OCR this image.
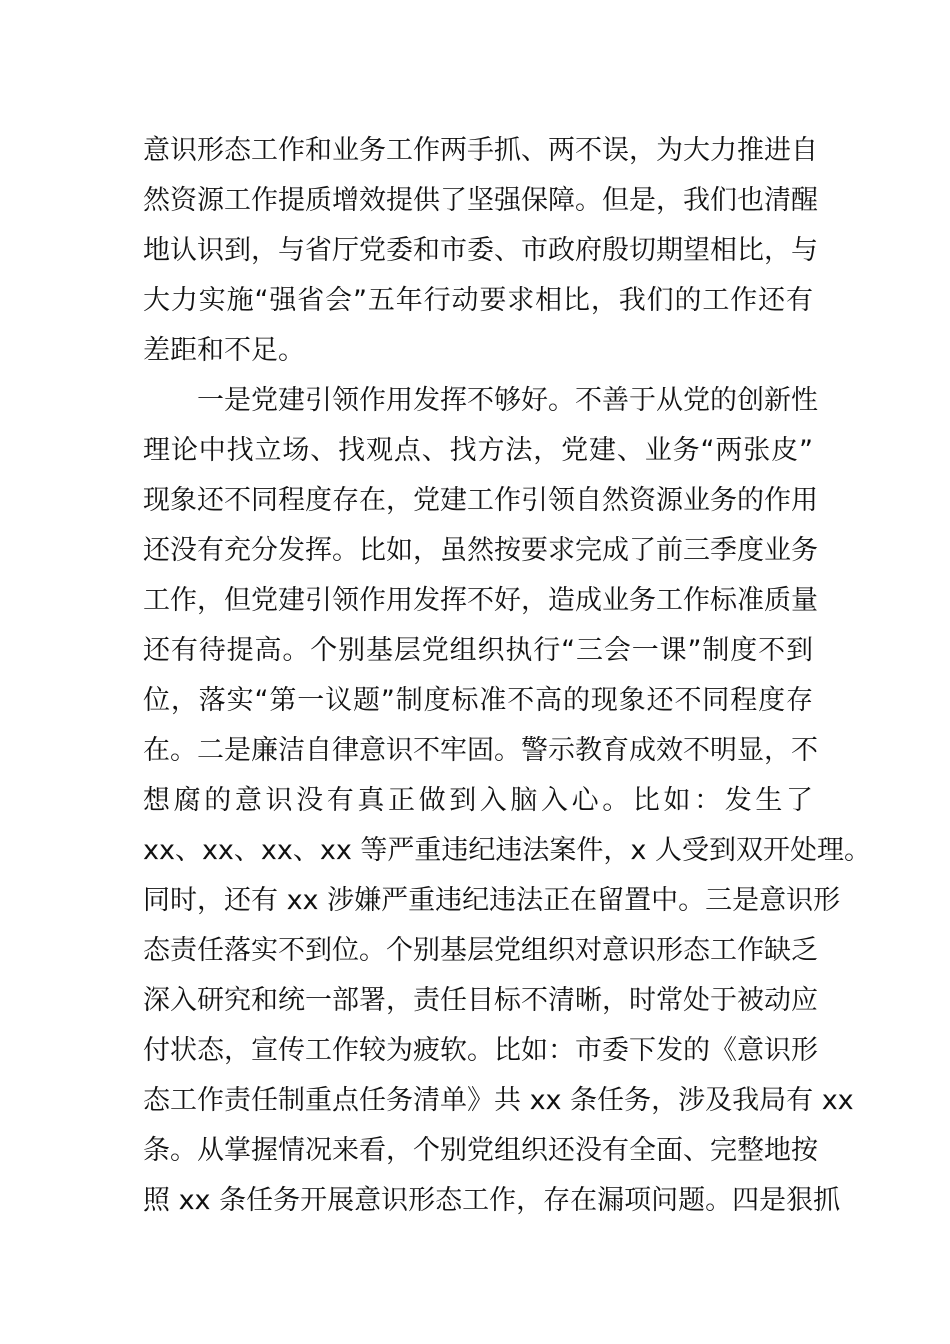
意识形态工作和业务工作两手抓、两不误，为大力推进自
然资源工作提质增效提供了坚强保障。但是，我们也清醒
地认识到，与省厅党委和市委、市政府殷切期望相比，与
大力实施“强省会”五年行动要求相比，我们的工作还有
差距和不足。
一是党建引领作用发挥不够好。不善于从党的创新性
理论中找立场、找观点、找方法，党建、业务“两张皮”
现象还不同程度存在，党建工作引领自然资源业务的作用
还没有充分发挥。比如，虽然按要求完成了前三季度业务
工作，但党建引领作用发挥不好，造成业务工作标准质量
还有待提高。个别基层党组织执行“三会一课”制度不到
位，落实“第一议题”制度标准不高的现象还不同程度存
在。二是廉洁自律意识不牢固。警示教育成效不明显，不
想腐的意识没有真正做到入脑入心。比如：发生了
xx、xx、xx、xx 等严重违纪违法案件，x 人受到双开处理。
同时，还有 xx 涉嫌严重违纪违法正在留置中。三是意识形
态责任落实不到位。个别基层党组织对意识形态工作缺乏
深入研究和统一部署，责任目标不清晰，时常处于被动应
付状态，宣传工作较为疲软。比如：市委下发的《意识形
态工作责任制重点任务清单》共 xx 条任务，涉及我局有 xx
条。从掌握情况来看，个别党组织还没有全面、完整地按
照 xx 条任务开展意识形态工作，存在漏项问题。四是狠抓
